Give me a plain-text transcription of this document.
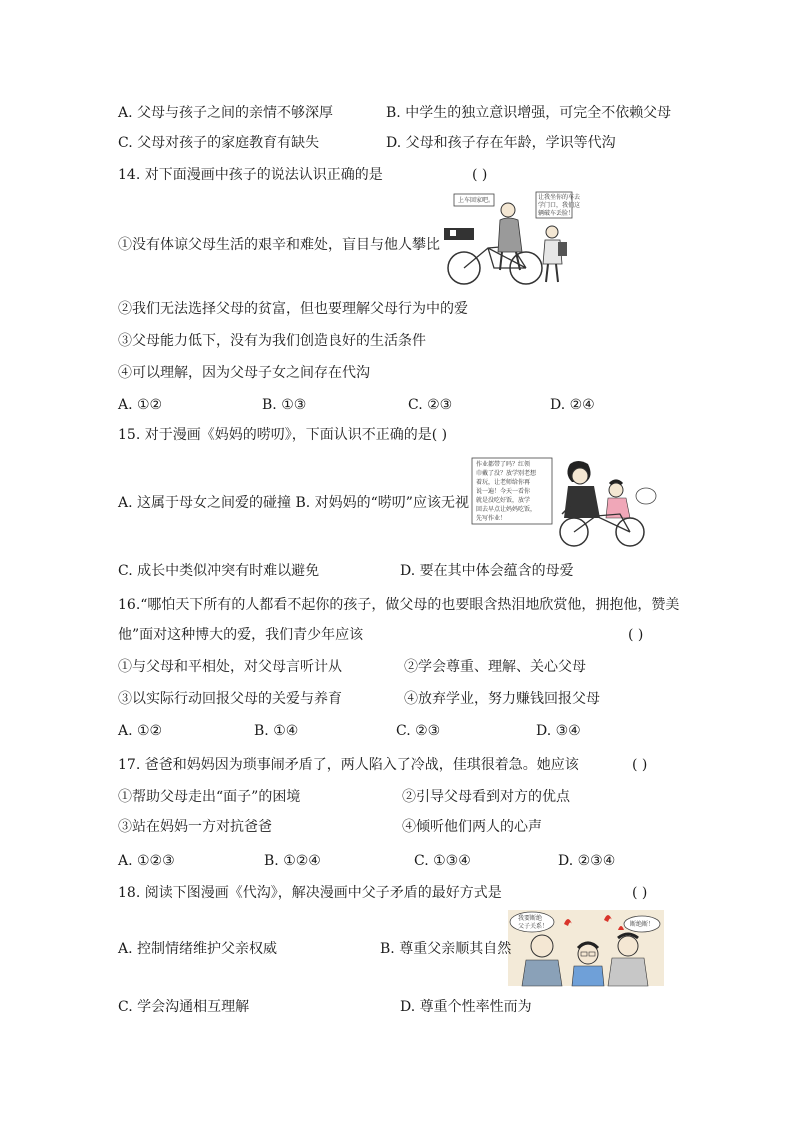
A. 父母与孩子之间的亲情不够深厚	B. 中学生的独立意识增强，可完全不依赖父母
C. 父母对孩子的家庭教育有缺失	D. 父母和孩子存在年龄，学识等代沟
14. 对下面漫画中孩子的说法认识正确的是	( )
上车回家吧。	让我坐你的车去
学门口，我们这
辆破车丢脸！
①没有体谅父母生活的艰辛和难处，盲目与他人攀比
②我们无法选择父母的贫富，但也要理解父母行为中的爱
③父母能力低下，没有为我们创造良好的生活条件
④可以理解，因为父母子女之间存在代沟
A. ①②	B. ①③	C. ②③	D. ②④
15. 对于漫画《妈妈的唠叨》，下面认识不正确的是( )
作业都带了吗？红领
巾戴了没？放学别老想
着玩，让老师给你再
说一遍！今天一看你
就是没吃好饭，放学
回去早点让妈妈吃饭，
先写作业！
A. 这属于母女之间爱的碰撞 B. 对妈妈的“唠叨”应该无视
C. 成长中类似冲突有时难以避免	D. 要在其中体会蕴含的母爱
16.“哪怕天下所有的人都看不起你的孩子，做父母的也要眼含热泪地欣赏他，拥抱他，赞美
他”面对这种博大的爱，我们青少年应该	( )
①与父母和平相处，对父母言听计从	②学会尊重、理解、关心父母
③以实际行动回报父母的关爱与养育	④放弃学业，努力赚钱回报父母
A. ①②	B. ①④	C. ②③	D. ③④
17. 爸爸和妈妈因为琐事闹矛盾了，两人陷入了冷战，佳琪很着急。她应该	( )
①帮助父母走出“面子”的困境	②引导父母看到对方的优点
③站在妈妈一方对抗爸爸	④倾听他们两人的心声
A. ①②③	B. ①②④	C. ①③④	D. ②③④
18. 阅读下图漫画《代沟》，解决漫画中父子矛盾的最好方式是	( )
我要断绝
父子关系！	断绝断！
A. 控制情绪维护父亲权威	B. 尊重父亲顺其自然
C. 学会沟通相互理解	D. 尊重个性率性而为
